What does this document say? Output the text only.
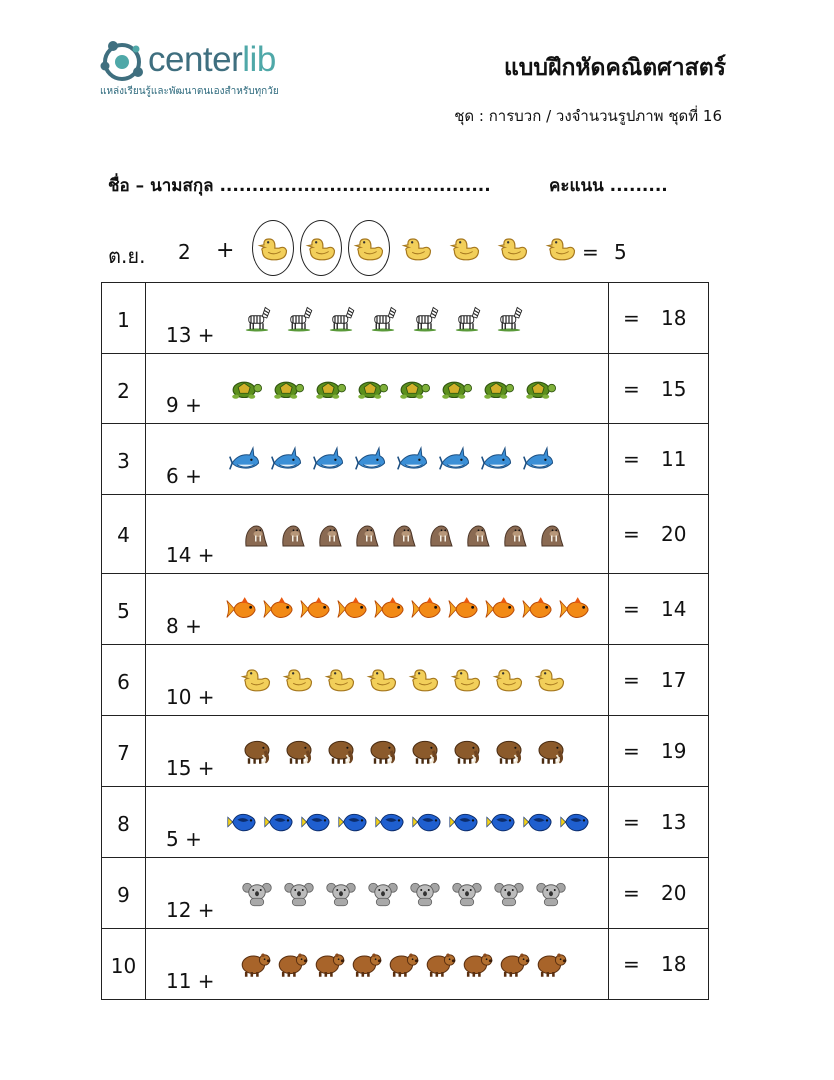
centerlib
แหล่งเรียนรู้และพัฒนาตนเองสำหรับทุกวัย
แบบฝึกหัดคณิตศาสตร์
ชุด : การบวก / วงจำนวนรูปภาพ ชุดที่ 16
ชื่อ – นามสกุล ..........................................	คะแนน .........
ต.ย. 2 +	= 5
1	13 +	= 18

2	9 +	= 15

3	6 +	= 11

4	14 +	= 20

5	8 +	= 14

6	10 +	= 17

7	15 +	= 19

8	5 +	= 13

9	12 +	= 20

10	11 +	= 18
